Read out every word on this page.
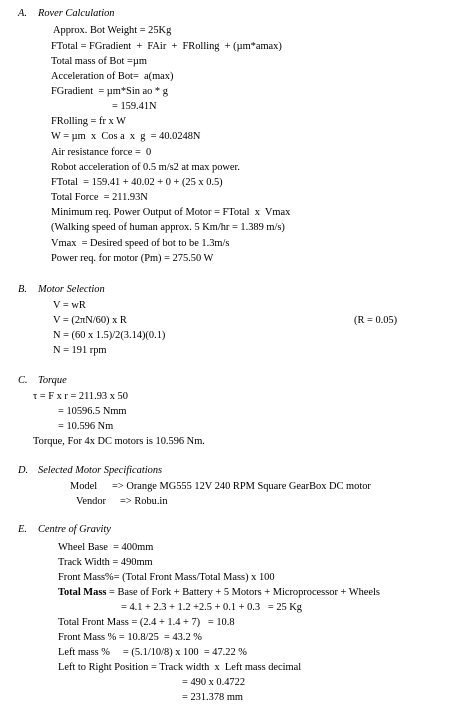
A. Rover Calculation
Approx. Bot Weight = 25Kg
FTotal = FGradient  +  FAir  +  FRolling  + (µm*amax)
Total mass of Bot =µm
Acceleration of Bot=  a(max)
FGradient  = µm*Sin ao * g
= 159.41N
FRolling = fr x W
W = µm  x  Cos a  x  g  = 40.0248N
Air resistance force =  0
Robot acceleration of 0.5 m/s2 at max power.
FTotal  = 159.41 + 40.02 + 0 + (25 x 0.5)
Total Force  = 211.93N
Minimum req. Power Output of Motor = FTotal  x  Vmax
(Walking speed of human approx. 5 Km/hr = 1.389 m/s)
Vmax  = Desired speed of bot to be 1.3m/s
Power req. for motor (Pm) = 275.50 W
B. Motor Selection
V = wR
V = (2πN/60) x R	(R = 0.05)
N = (60 x 1.5)/2(3.14)(0.1)
N = 191 rpm
C. Torque
τ = F x r = 211.93 x 50
= 10596.5 Nmm
= 10.596 Nm
Torque, For 4x DC motors is 10.596 Nm.
D. Selected Motor Specifications
Model => Orange MG555 12V 240 RPM Square GearBox DC motor
Vendor => Robu.in
E. Centre of Gravity
Wheel Base  = 400mm
Track Width = 490mm
Front Mass%= (Total Front Mass/Total Mass) x 100
Total Mass = Base of Fork + Battery + 5 Motors + Microprocessor + Wheels
= 4.1 + 2.3 + 1.2 +2.5 + 0.1 + 0.3   = 25 Kg
Total Front Mass = (2.4 + 1.4 + 7)   = 10.8
Front Mass % = 10.8/25  = 43.2 %
Left mass %     = (5.1/10/8) x 100  = 47.22 %
Left to Right Position = Track width  x  Left mass decimal
= 490 x 0.4722
= 231.378 mm
